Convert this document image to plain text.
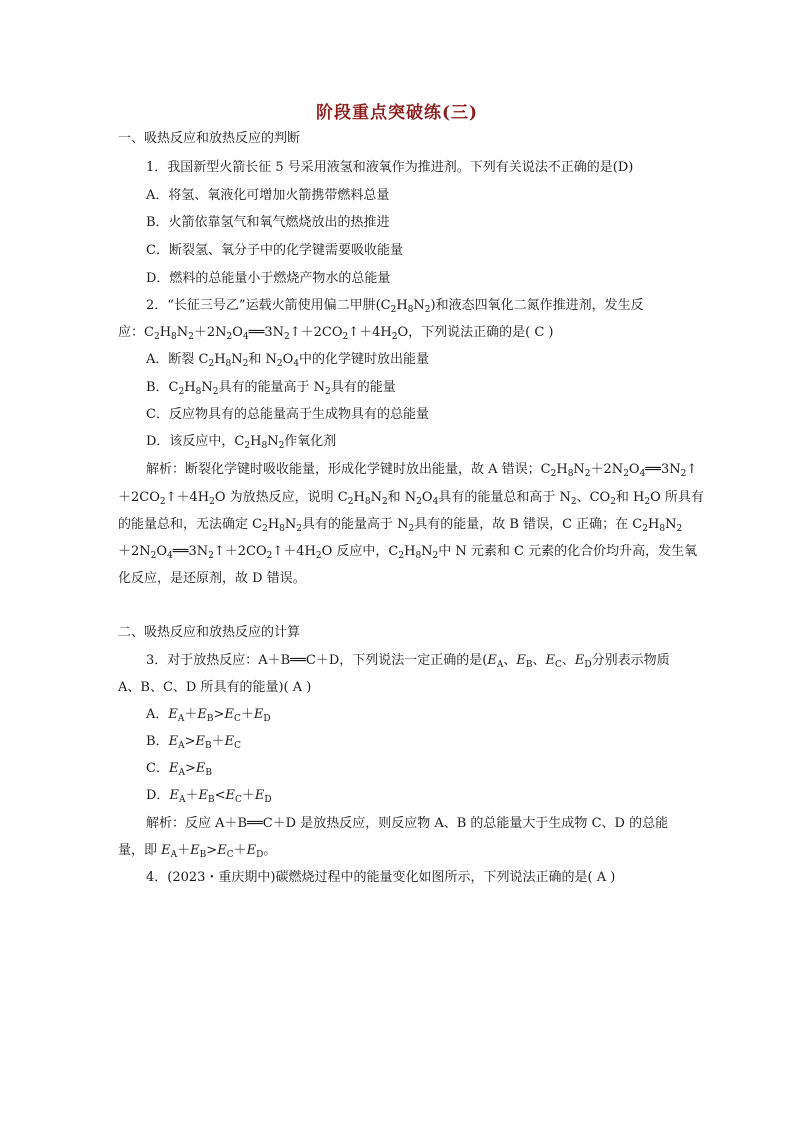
阶段重点突破练(三)
一、吸热反应和放热反应的判断
1．我国新型火箭长征 5 号采用液氢和液氧作为推进剂。下列有关说法不正确的是(D)
A．将氢、氧液化可增加火箭携带燃料总量
B．火箭依靠氢气和氧气燃烧放出的热推进
C．断裂氢、氧分子中的化学键需要吸收能量
D．燃料的总能量小于燃烧产物水的总能量
2．“长征三号乙”运载火箭使用偏二甲肼$(C_2H_8N_2)$和液态四氧化二氮作推进剂，发生反
应：$C_2H_8N_2+2N_2O_4══3N_2↑+2CO_2↑+4H_2O$，下列说法正确的是( C )
A．断裂 $C_2H_8N_2$和 $N_2O_4$中的化学键时放出能量
B．$C_2H_8N_2$具有的能量高于 $N_2$具有的能量
C．反应物具有的总能量高于生成物具有的总能量
D．该反应中，$C_2H_8N_2$作氧化剂
解析：断裂化学键时吸收能量，形成化学键时放出能量，故 A 错误；$C_2H_8N_2+2N_2O_4══3N_2↑$
$+2CO_2↑+4H_2O$ 为放热反应，说明 $C_2H_8N_2$和 $N_2O_4$具有的能量总和高于 $N_2$、$CO_2$和 $H_2O$ 所具有
的能量总和，无法确定 $C_2H_8N_2$具有的能量高于 $N_2$具有的能量，故 B 错误，C 正确；在 $C_2H_8N_2$
$+2N_2O_4══3N_2↑+2CO_2↑+4H_2O$ 反应中，$C_2H_8N_2$中 N 元素和 C 元素的化合价均升高，发生氧
化反应，是还原剂，故 D 错误。
二、吸热反应和放热反应的计算
3．对于放热反应：A＋B══C＋D，下列说法一定正确的是($E_A$、$E_B$、$E_C$、$E_D$分别表示物质
A、B、C、D 所具有的能量)( A )
A．$E_A+E_B>E_C+E_D$
B．$E_A>E_B+E_C$
C．$E_A>E_B$
D．$E_A+E_B<E_C+E_D$
解析：反应 A＋B══C＋D 是放热反应，则反应物 A、B 的总能量大于生成物 C、D 的总能
量，即 $E_A+E_B>E_C+E_D$。
4．(2023・重庆期中)碳燃烧过程中的能量变化如图所示，下列说法正确的是( A )
